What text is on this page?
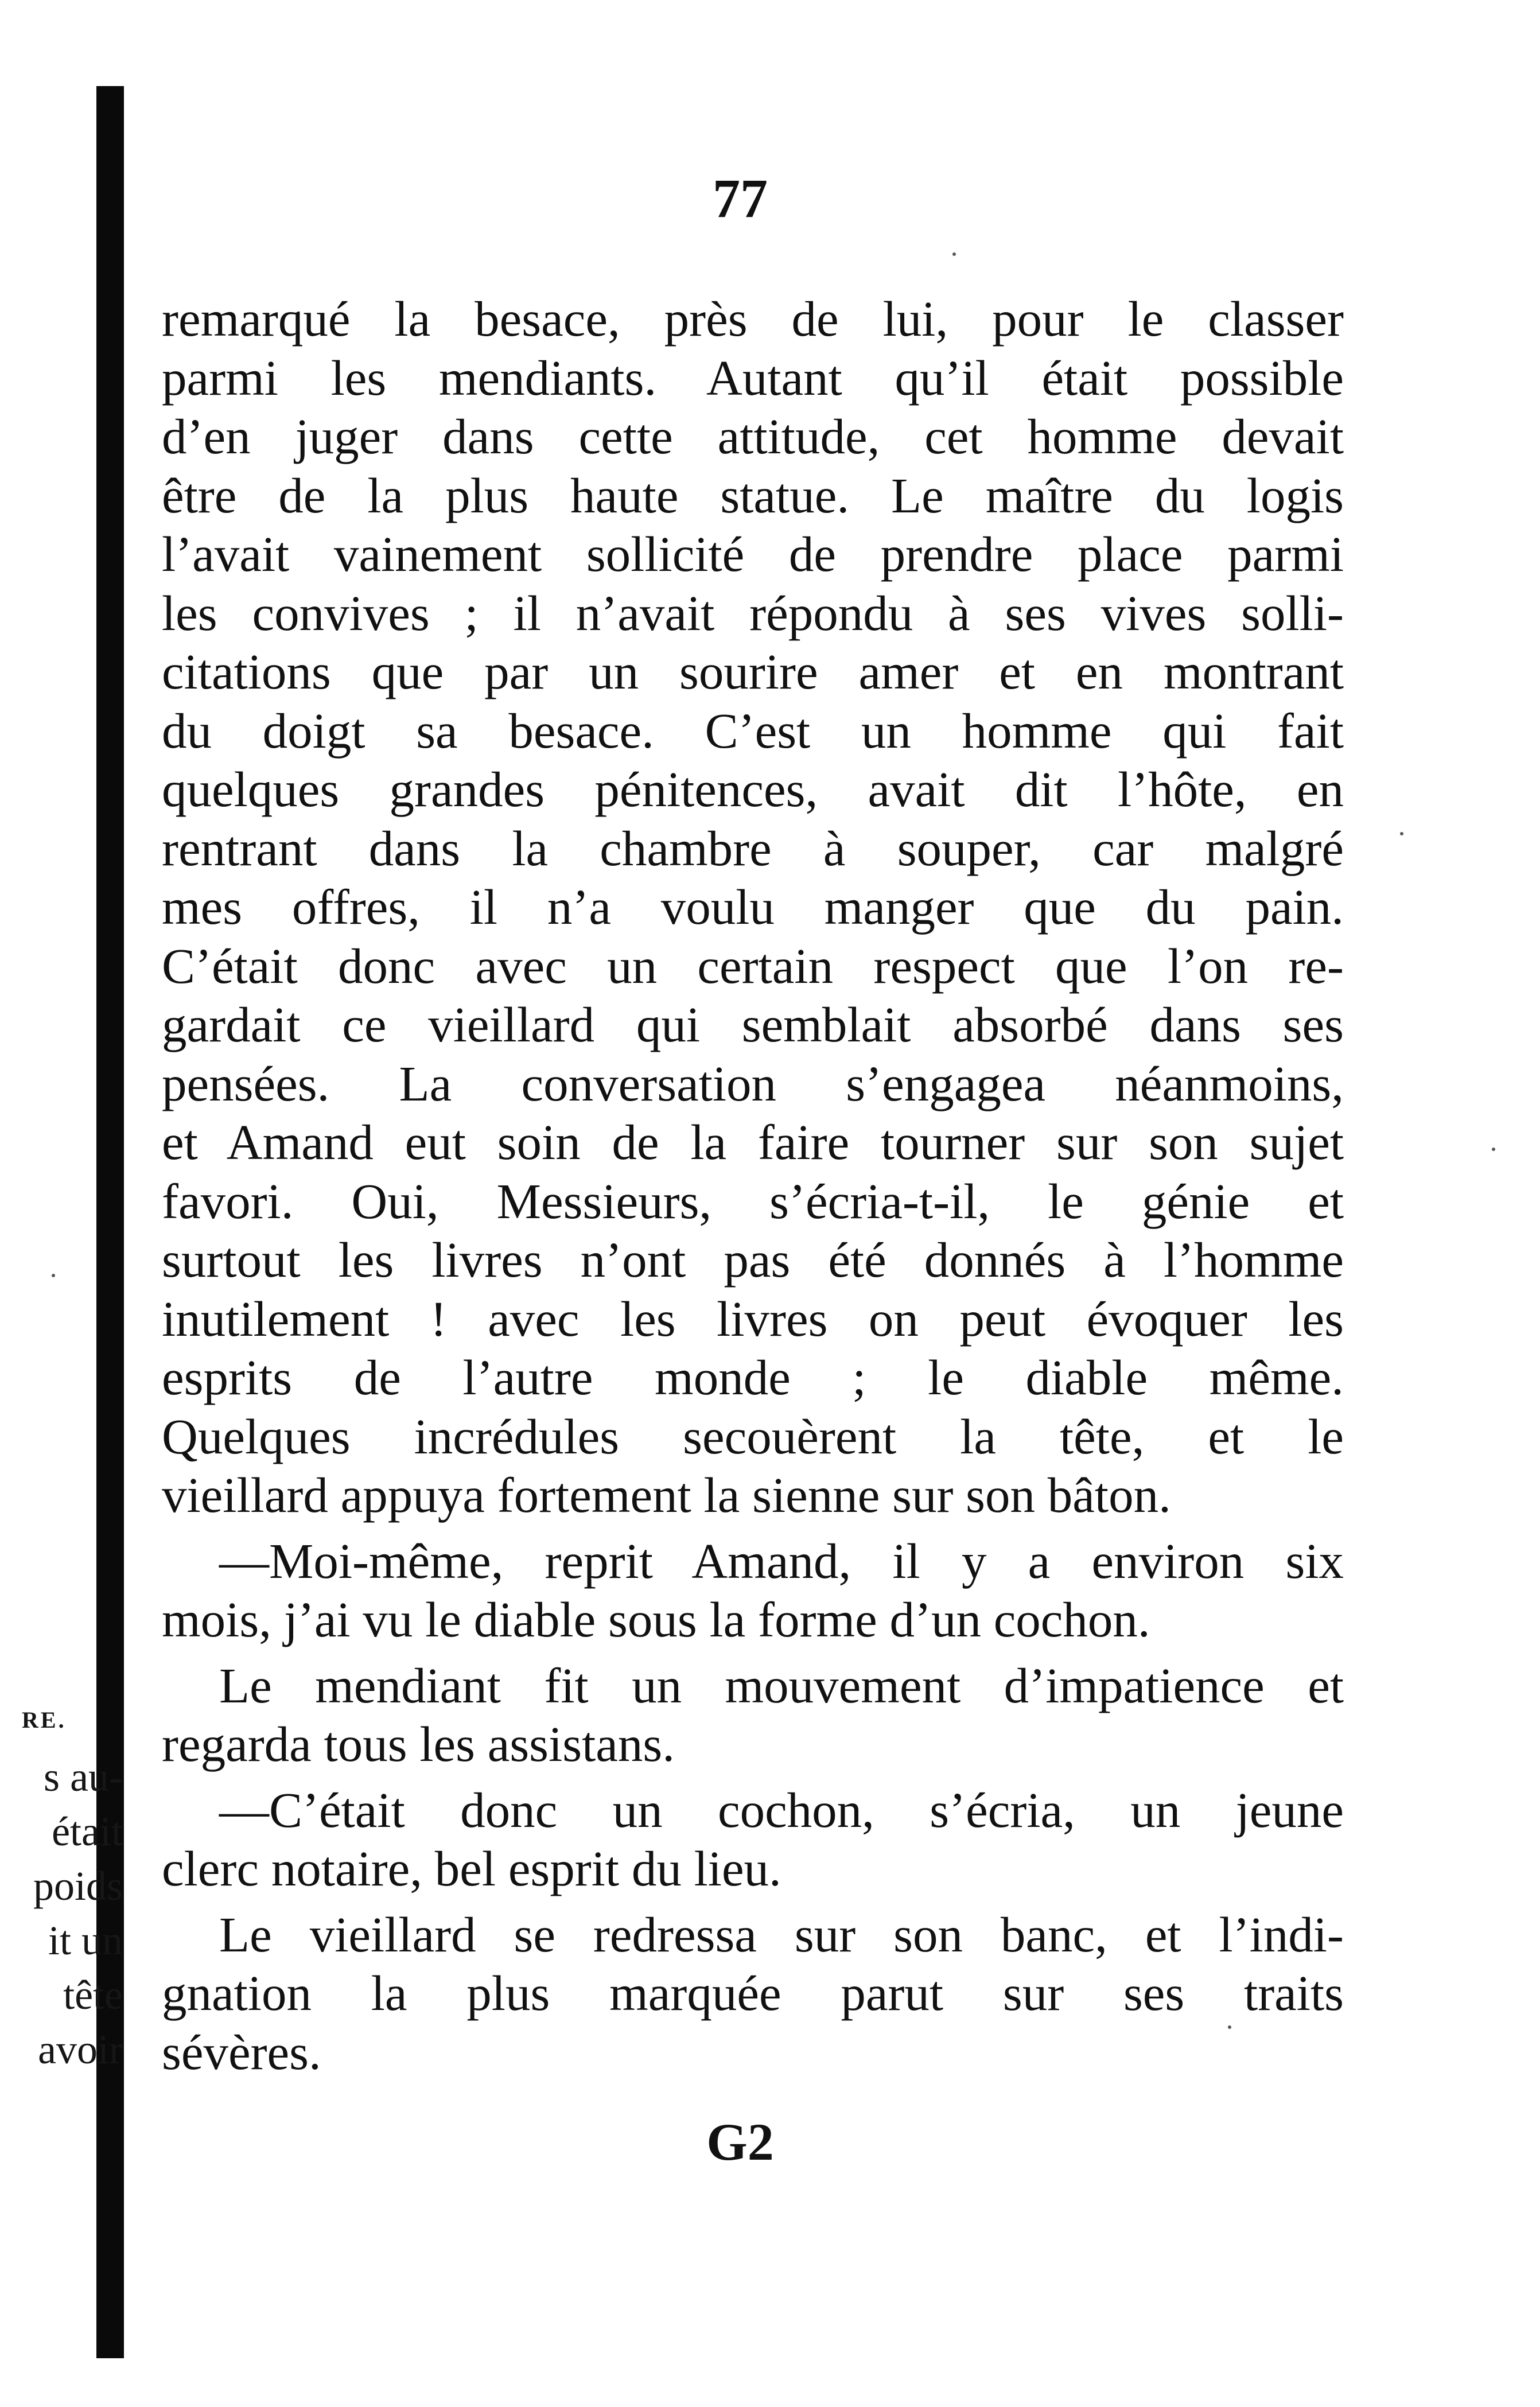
RE.
s au-
était
poids
it un
tête
avoir
77
remarqué la besace, près de lui, pour le classer
parmi les mendiants. Autant qu’il était possible
d’en juger dans cette attitude, cet homme devait
être de la plus haute statue. Le maître du logis
l’avait vainement sollicité de prendre place parmi
les convives ; il n’avait répondu à ses vives solli-
citations que par un sourire amer et en montrant
du doigt sa besace. C’est un homme qui fait
quelques grandes pénitences, avait dit l’hôte, en
rentrant dans la chambre à souper, car malgré
mes offres, il n’a voulu manger que du pain.
C’était donc avec un certain respect que l’on re-
gardait ce vieillard qui semblait absorbé dans ses
pensées. La conversation s’engagea néanmoins,
et Amand eut soin de la faire tourner sur son sujet
favori. Oui, Messieurs, s’écria-t-il, le génie et
surtout les livres n’ont pas été donnés à l’homme
inutilement ! avec les livres on peut évoquer les
esprits de l’autre monde ; le diable même.
Quelques incrédules secouèrent la tête, et le
vieillard appuya fortement la sienne sur son bâton.
—Moi-même, reprit Amand, il y a environ six
mois, j’ai vu le diable sous la forme d’un cochon.
Le mendiant fit un mouvement d’impatience et
regarda tous les assistans.
—C’était donc un cochon, s’écria, un jeune
clerc notaire, bel esprit du lieu.
Le vieillard se redressa sur son banc, et l’indi-
gnation la plus marquée parut sur ses traits
sévères.
G2
